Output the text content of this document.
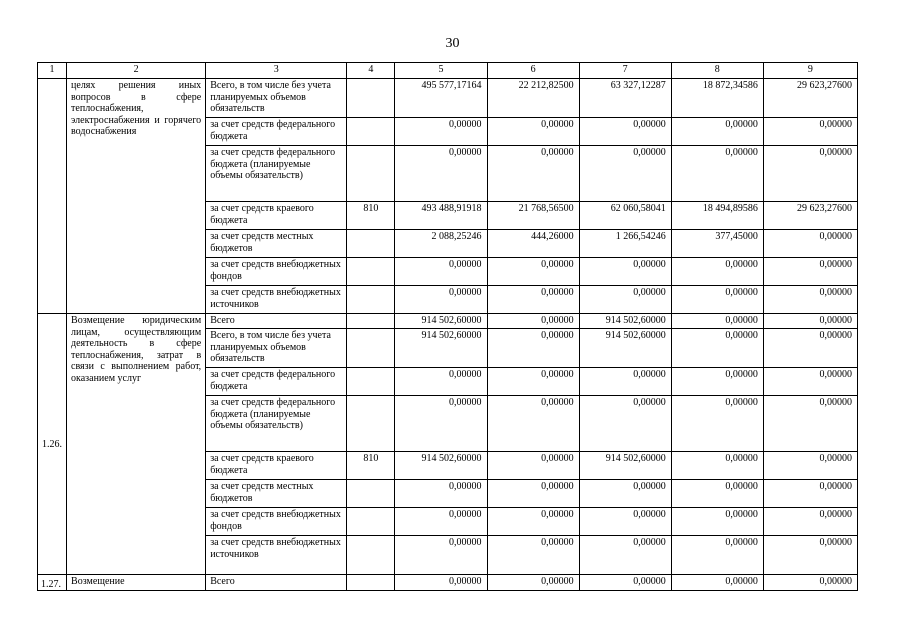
30
1	2	3	4	5	6	7	8	9
	целях решения иных вопросов в сфере теплоснабжения, электроснабжения и горячего водоснабжения	Всего, в том числе без учета планируемых объемов обязательств		495 577,17164	22 212,82500	63 327,12287	18 872,34586	29 623,27600
		за счет средств федерального бюджета		0,00000	0,00000	0,00000	0,00000	0,00000
		за счет средств федерального бюджета (планируемые объемы обязательств)		0,00000	0,00000	0,00000	0,00000	0,00000
		за счет средств краевого бюджета	810	493 488,91918	21 768,56500	62 060,58041	18 494,89586	29 623,27600
		за счет средств местных бюджетов		2 088,25246	444,26000	1 266,54246	377,45000	0,00000
		за счет средств внебюджетных фондов		0,00000	0,00000	0,00000	0,00000	0,00000
		за счет средств внебюджетных источников		0,00000	0,00000	0,00000	0,00000	0,00000
1.26.	Возмещение юридическим лицам, осуществляющим деятельность в сфере теплоснабжения, затрат в связи с выполнением работ, оказанием услуг	Всего		914 502,60000	0,00000	914 502,60000	0,00000	0,00000
		Всего, в том числе без учета планируемых объемов обязательств		914 502,60000	0,00000	914 502,60000	0,00000	0,00000
		за счет средств федерального бюджета		0,00000	0,00000	0,00000	0,00000	0,00000
		за счет средств федерального бюджета (планируемые объемы обязательств)		0,00000	0,00000	0,00000	0,00000	0,00000
		за счет средств краевого бюджета	810	914 502,60000	0,00000	914 502,60000	0,00000	0,00000
		за счет средств местных бюджетов		0,00000	0,00000	0,00000	0,00000	0,00000
		за счет средств внебюджетных фондов		0,00000	0,00000	0,00000	0,00000	0,00000
		за счет средств внебюджетных источников		0,00000	0,00000	0,00000	0,00000	0,00000
1.27.	Возмещение	Всего		0,00000	0,00000	0,00000	0,00000	0,00000
